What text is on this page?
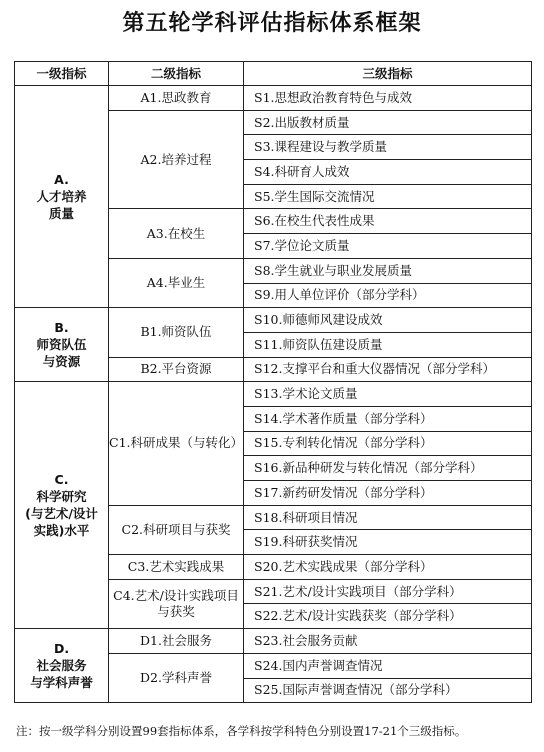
第五轮学科评估指标体系框架
一级指标	二级指标	三级指标

A.
人才培养
质量	A1.思政教育	S1.思想政治教育特色与成效
	A2.培养过程	S2.出版教材质量
		S3.课程建设与教学质量
		S4.科研育人成效
		S5.学生国际交流情况
	A3.在校生	S6.在校生代表性成果
		S7.学位论文质量
	A4.毕业生	S8.学生就业与职业发展质量
		S9.用人单位评价（部分学科）

B.
师资队伍
与资源	B1.师资队伍	S10.师德师风建设成效
		S11.师资队伍建设质量
	B2.平台资源	S12.支撑平台和重大仪器情况（部分学科）

C.
科学研究
(与艺术/设计
实践)水平	C1.科研成果（与转化）	S13.学术论文质量
		S14.学术著作质量（部分学科）
		S15.专利转化情况（部分学科）
		S16.新品种研发与转化情况（部分学科）
		S17.新药研发情况（部分学科）
	C2.科研项目与获奖	S18.科研项目情况
		S19.科研获奖情况
	C3.艺术实践成果	S20.艺术实践成果（部分学科）
	C4.艺术/设计实践项目与获奖	S21.艺术/设计实践项目（部分学科）
		S22.艺术/设计实践获奖（部分学科）

D.
社会服务
与学科声誉	D1.社会服务	S23.社会服务贡献
	D2.学科声誉	S24.国内声誉调查情况
		S25.国际声誉调查情况（部分学科）
注：按一级学科分别设置99套指标体系，各学科按学科特色分别设置17-21个三级指标。
